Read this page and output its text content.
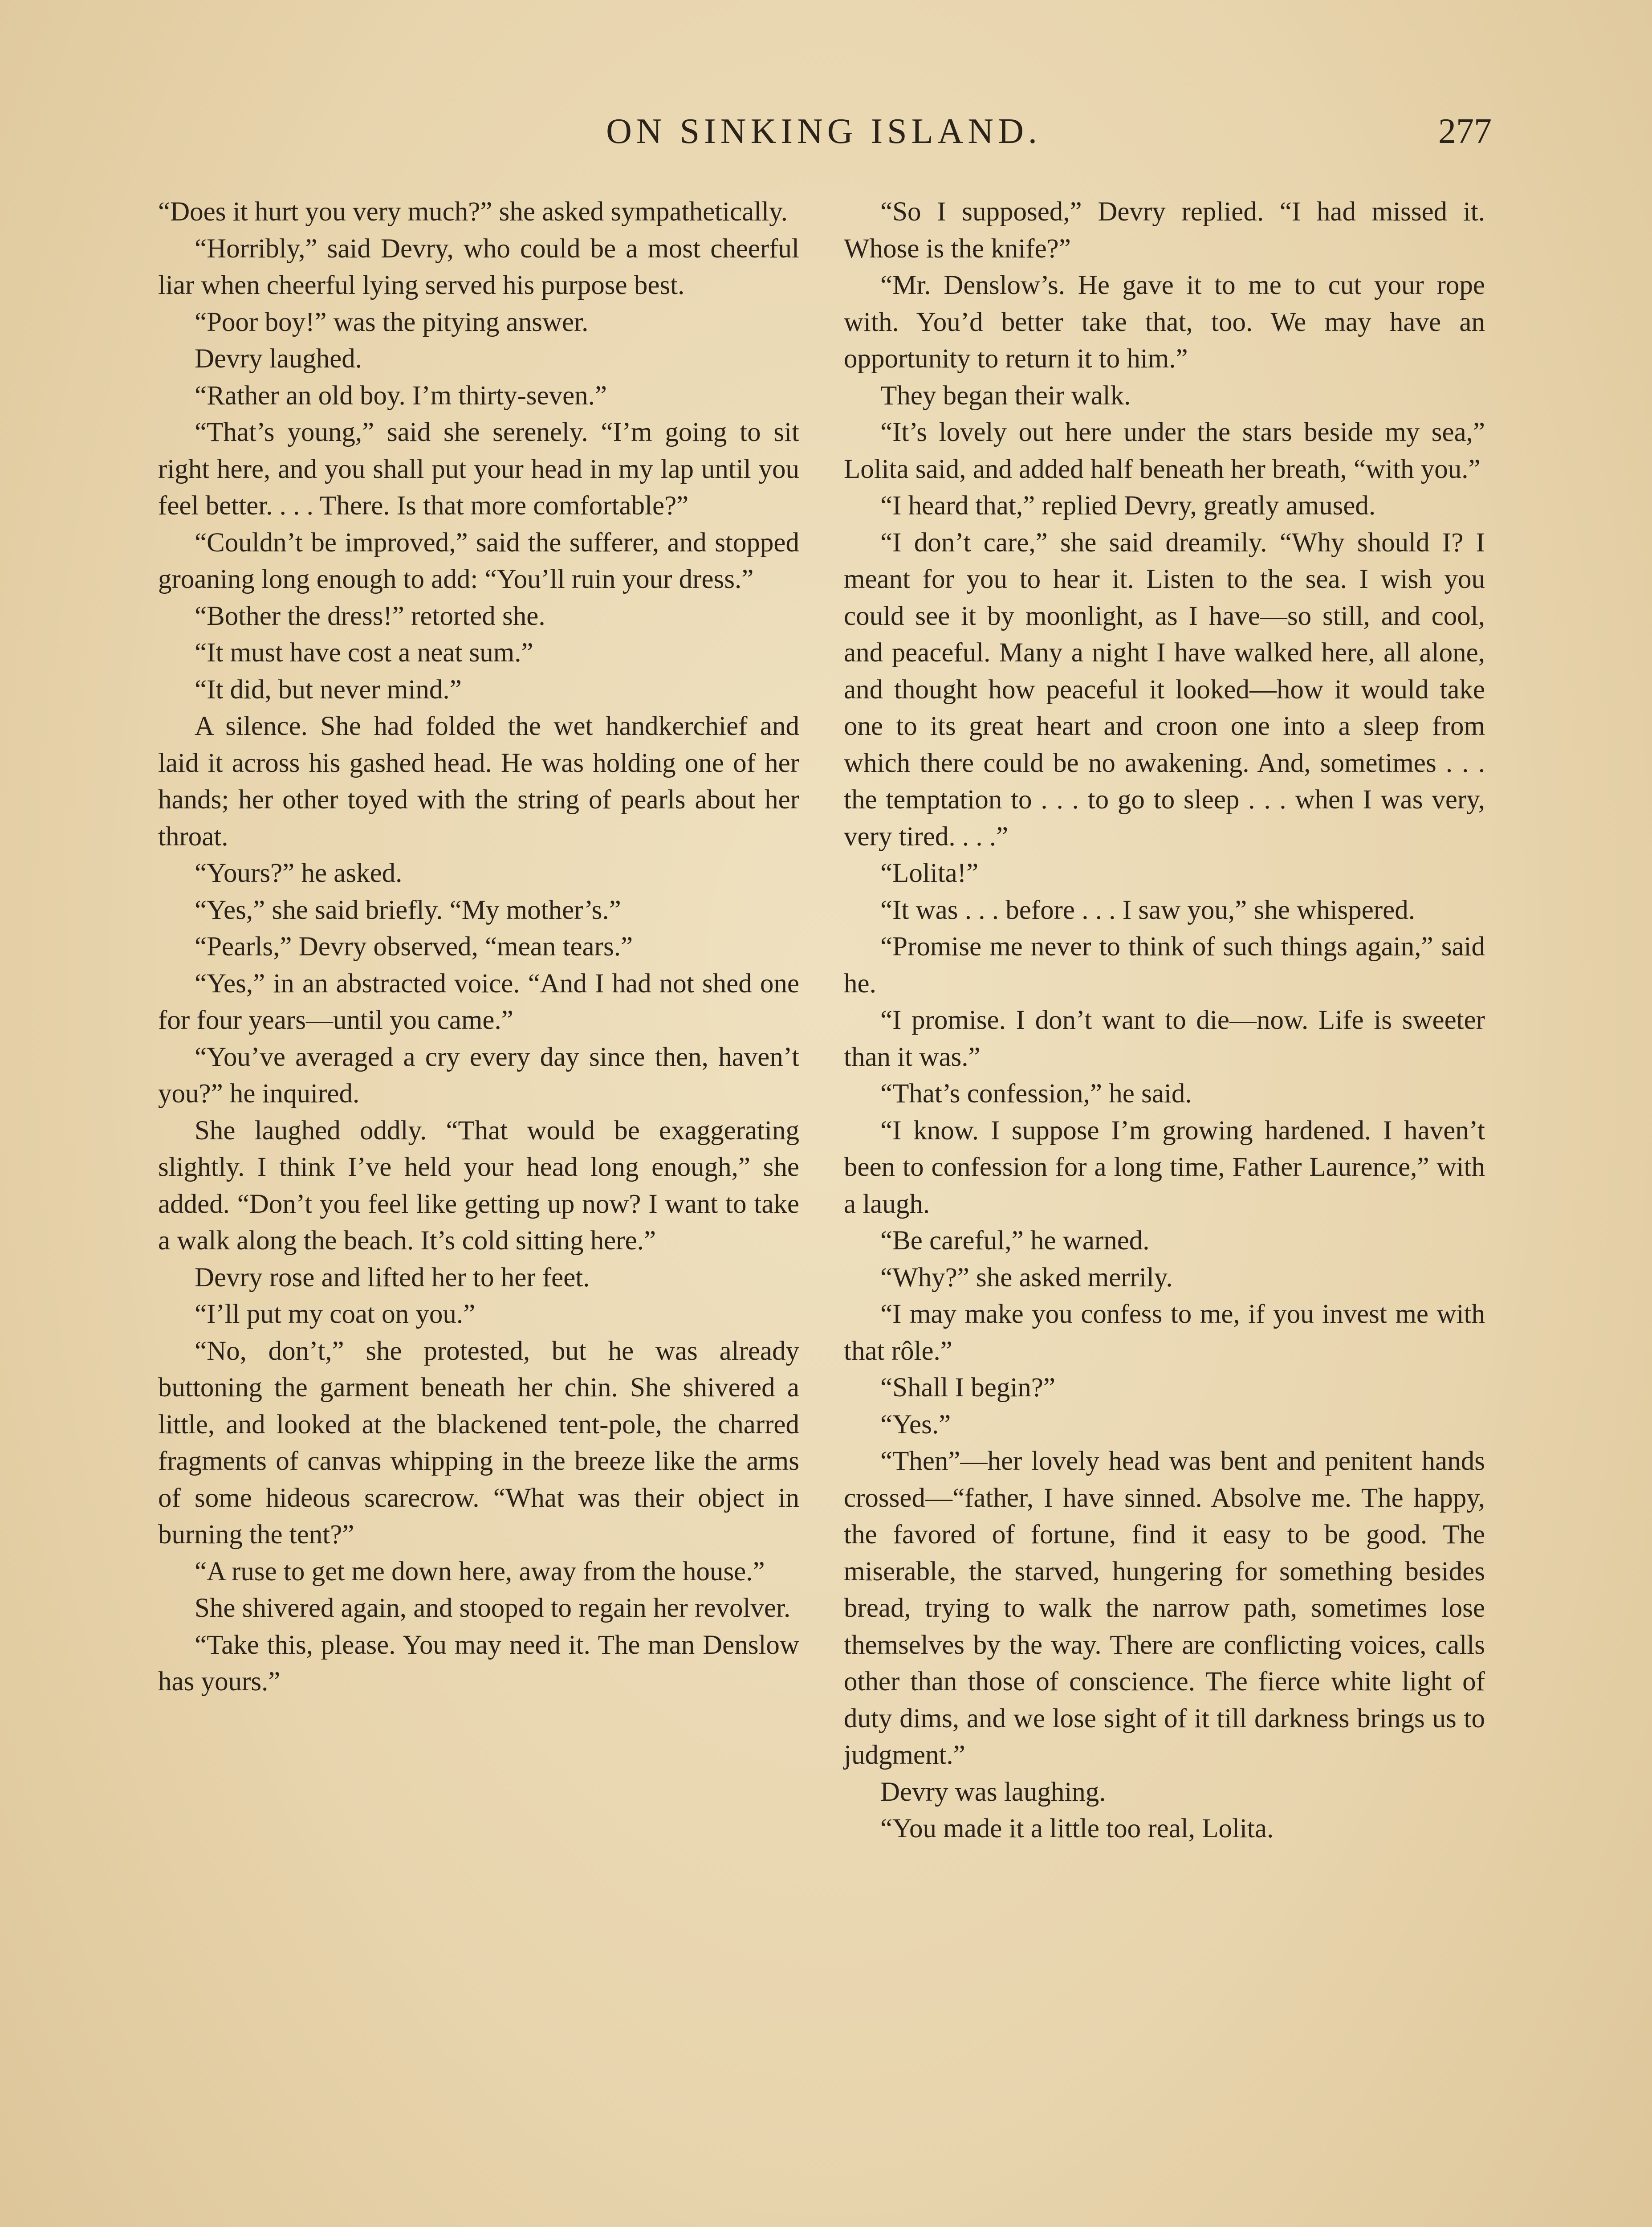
ON SINKING ISLAND.	277

“Does it hurt you very much?” she asked sympathetically.

“Horribly,” said Devry, who could be a most cheerful liar when cheerful lying served his purpose best.

“Poor boy!” was the pitying answer.

Devry laughed.

“Rather an old boy. I’m thirty-seven.”

“That’s young,” said she serenely. “I’m going to sit right here, and you shall put your head in my lap until you feel better. . . . There. Is that more comfortable?”

“Couldn’t be improved,” said the sufferer, and stopped groaning long enough to add: “You’ll ruin your dress.”

“Bother the dress!” retorted she.

“It must have cost a neat sum.”

“It did, but never mind.”

A silence. She had folded the wet handkerchief and laid it across his gashed head. He was holding one of her hands; her other toyed with the string of pearls about her throat.

“Yours?” he asked.

“Yes,” she said briefly. “My mother’s.”

“Pearls,” Devry observed, “mean tears.”

“Yes,” in an abstracted voice. “And I had not shed one for four years—until you came.”

“You’ve averaged a cry every day since then, haven’t you?” he inquired.

She laughed oddly. “That would be exaggerating slightly. I think I’ve held your head long enough,” she added. “Don’t you feel like getting up now? I want to take a walk along the beach. It’s cold sitting here.”

Devry rose and lifted her to her feet.

“I’ll put my coat on you.”

“No, don’t,” she protested, but he was already buttoning the garment beneath her chin. She shivered a little, and looked at the blackened tent-pole, the charred fragments of canvas whipping in the breeze like the arms of some hideous scarecrow. “What was their object in burning the tent?”

“A ruse to get me down here, away from the house.”

She shivered again, and stooped to regain her revolver.

“Take this, please. You may need it. The man Denslow has yours.”

“So I supposed,” Devry replied. “I had missed it. Whose is the knife?”

“Mr. Denslow’s. He gave it to me to cut your rope with. You’d better take that, too. We may have an opportunity to return it to him.”

They began their walk.

“It’s lovely out here under the stars beside my sea,” Lolita said, and added half beneath her breath, “with you.”

“I heard that,” replied Devry, greatly amused.

“I don’t care,” she said dreamily. “Why should I? I meant for you to hear it. Listen to the sea. I wish you could see it by moonlight, as I have—so still, and cool, and peaceful. Many a night I have walked here, all alone, and thought how peaceful it looked—how it would take one to its great heart and croon one into a sleep from which there could be no awakening. And, sometimes . . . the temptation to . . . to go to sleep . . . when I was very, very tired. . . .”

“Lolita!”

“It was . . . before . . . I saw you,” she whispered.

“Promise me never to think of such things again,” said he.

“I promise. I don’t want to die—now. Life is sweeter than it was.”

“That’s confession,” he said.

“I know. I suppose I’m growing hardened. I haven’t been to confession for a long time, Father Laurence,” with a laugh.

“Be careful,” he warned.

“Why?” she asked merrily.

“I may make you confess to me, if you invest me with that rôle.”

“Shall I begin?”

“Yes.”

“Then”—her lovely head was bent and penitent hands crossed—“father, I have sinned. Absolve me. The happy, the favored of fortune, find it easy to be good. The miserable, the starved, hungering for something besides bread, trying to walk the narrow path, sometimes lose themselves by the way. There are conflicting voices, calls other than those of conscience. The fierce white light of duty dims, and we lose sight of it till darkness brings us to judgment.”

Devry was laughing.

“You made it a little too real, Lolita.
